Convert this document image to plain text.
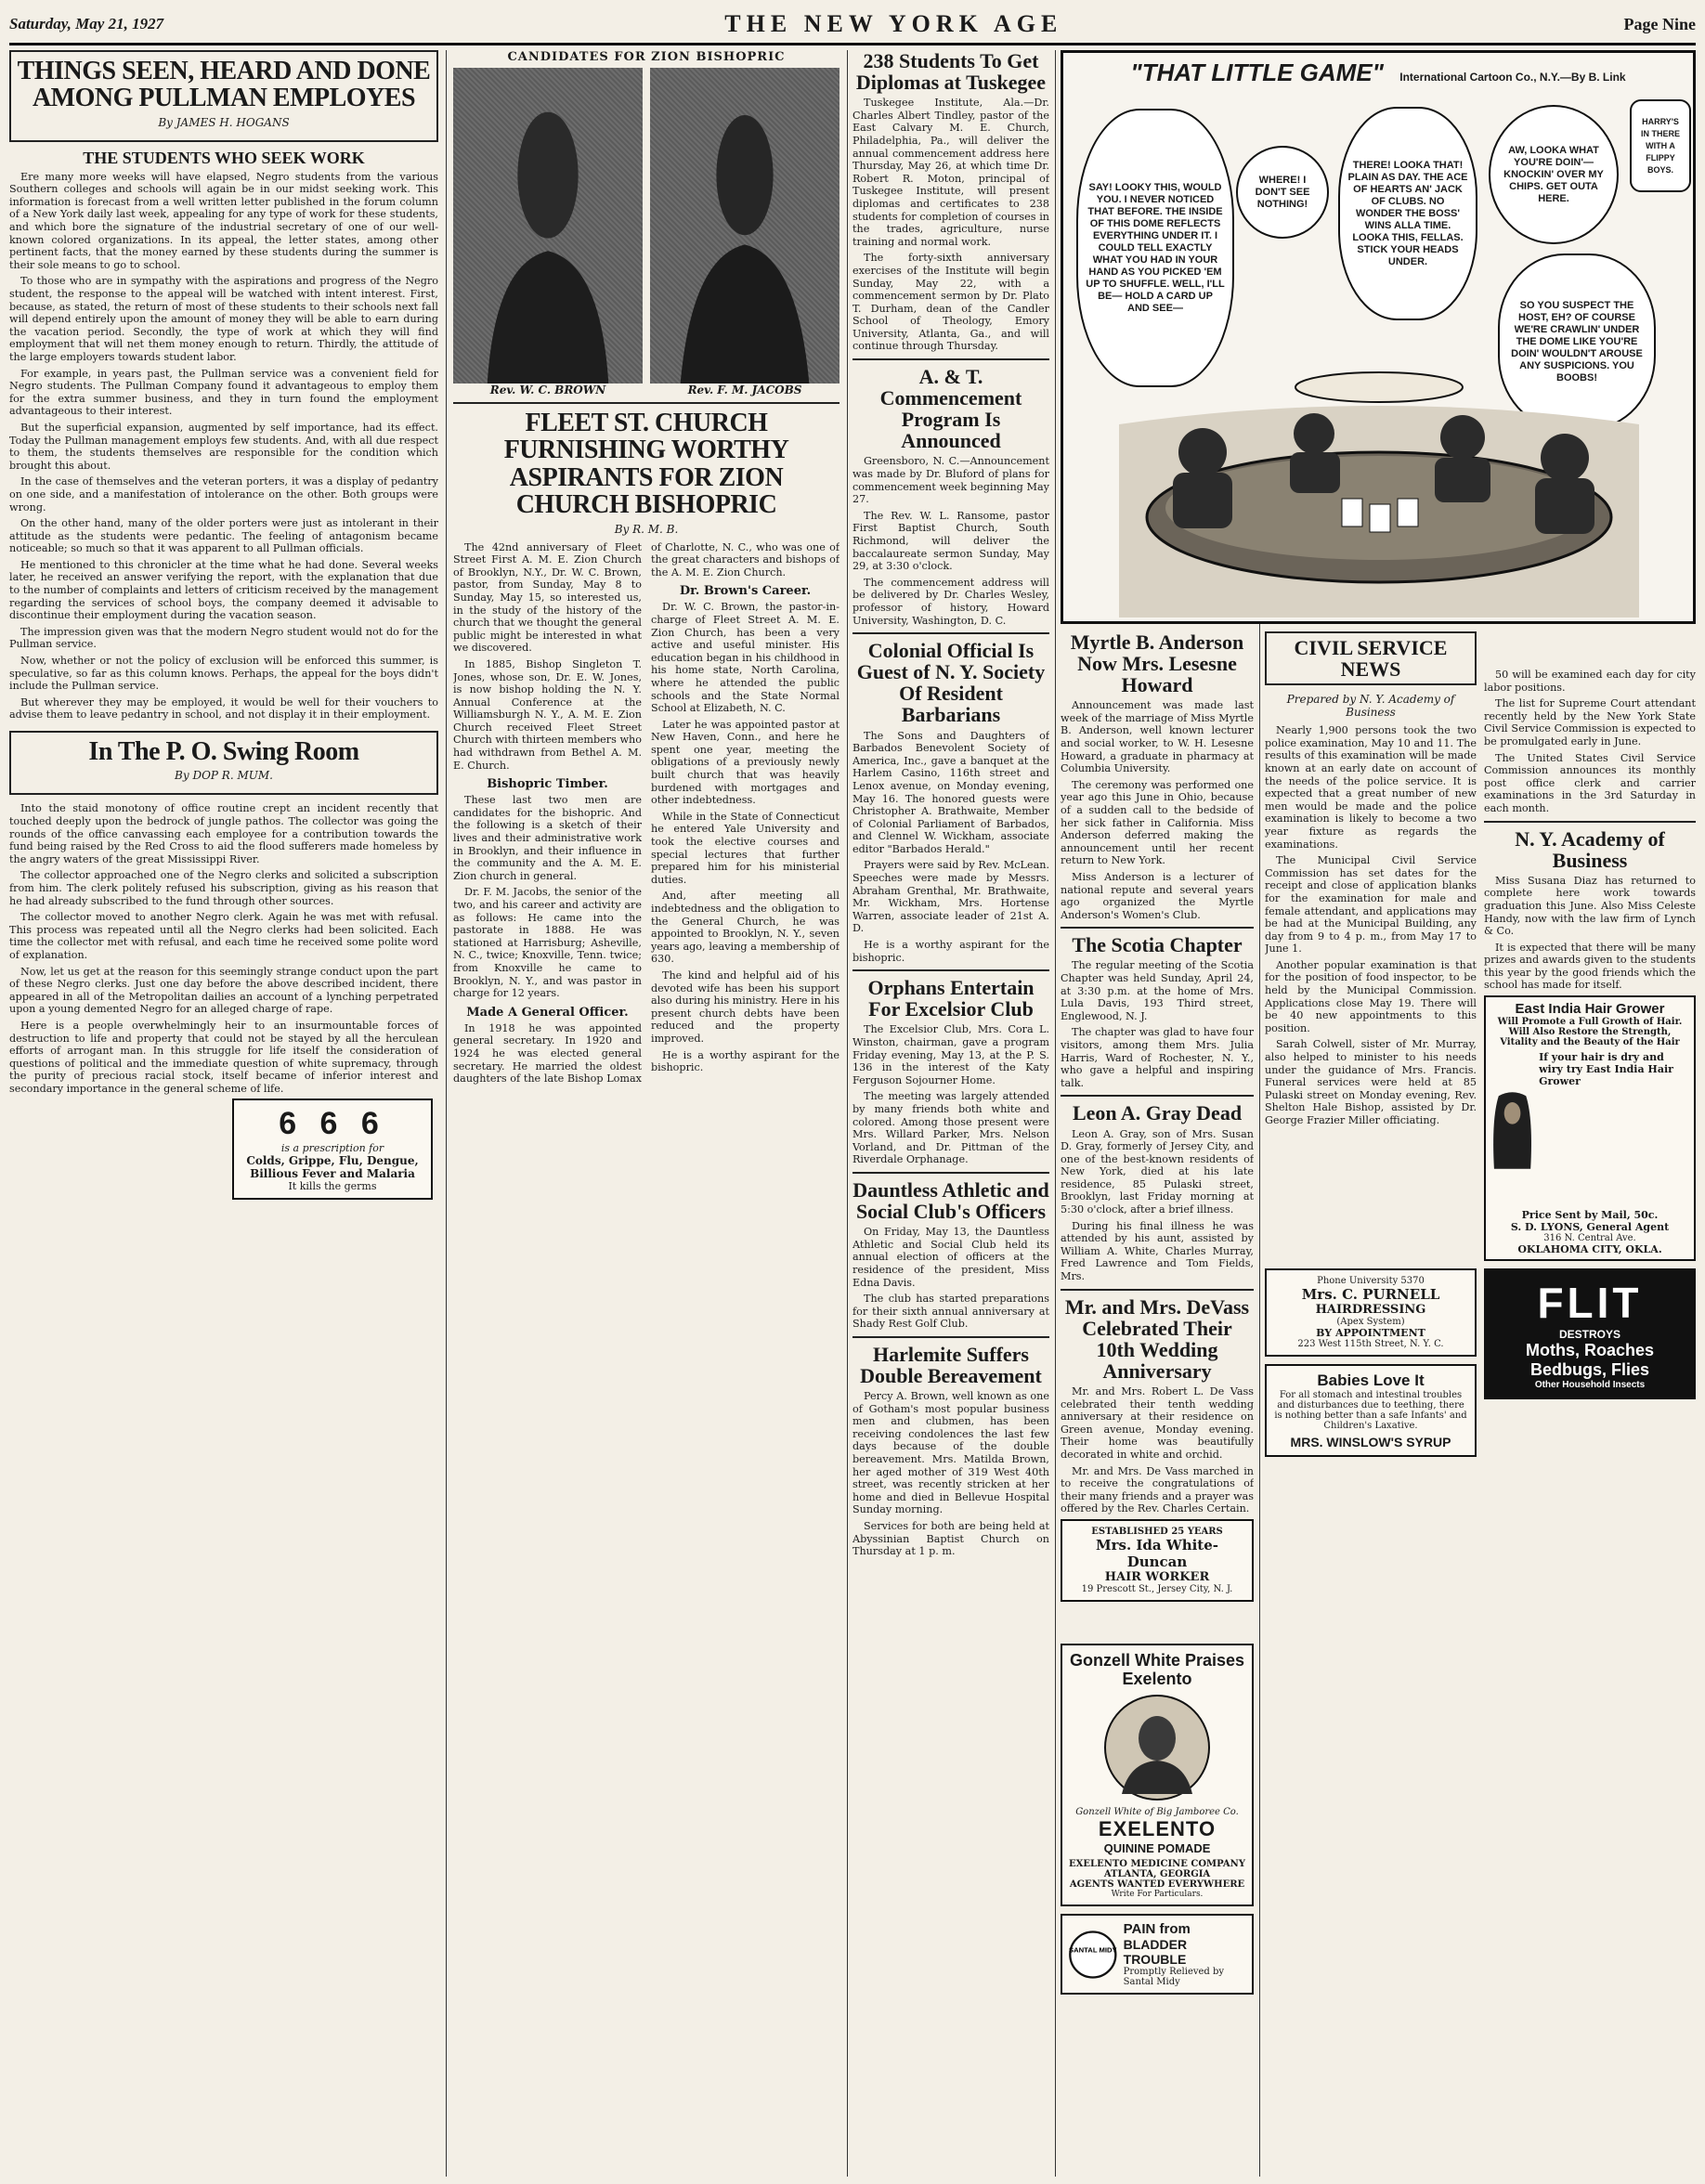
Saturday, May 21, 1927	THE NEW YORK AGE	Page Nine
THINGS SEEN, HEARD AND DONE AMONG PULLMAN EMPLOYES
By JAMES H. HOGANS
THE STUDENTS WHO SEEK WORK

Ere many more weeks will have elapsed, Negro students from the various Southern colleges and schools will again be in our midst seeking work. This information is forecast from a well written letter published in the forum column of a New York daily last week, appealing for any type of work for these students, and which bore the signature of the industrial secretary of one of our well-known colored organizations. In its appeal, the letter states, among other pertinent facts, that the money earned by these students during the summer is their sole means to go to school.

To those who are in sympathy with the aspirations and progress of the Negro student, the response to the appeal will be watched with intent interest. First, because, as stated, the return of most of these students to their schools next fall will depend entirely upon the amount of money they will be able to earn during the vacation period. Secondly, the type of work at which they will find employment that will net them money enough to return. Thirdly, the attitude of the large employers towards student labor.

For example, in years past, the Pullman service was a convenient field for Negro students. The Pullman Company found it advantageous to employ them for the extra summer business, and they in turn found the employment advantageous to their interest.

But the superficial expansion, augmented by self importance, had its effect. Today the Pullman management employs few students. And, with all due respect to them, the students themselves are responsible for the condition which brought this about.

In the case of themselves and the veteran porters, it was a display of pedantry on one side, and a manifestation of intolerance on the other. Both groups were wrong.

On the other hand, many of the older porters were just as intolerant in their attitude as the students were pedantic. The feeling of antagonism became noticeable; so much so that it was apparent to all Pullman officials.

He mentioned to this chronicler at the time what he had done. Several weeks later, he received an answer verifying the report, with the explanation that due to the number of complaints and letters of criticism received by the management regarding the services of school boys, the company deemed it advisable to discontinue their employment during the vacation season.

The impression given was that the modern Negro student would not do for the Pullman service.

Now, whether or not the policy of exclusion will be enforced this summer, is speculative, so far as this column knows. Perhaps, the appeal for the boys didn't include the Pullman service.

But wherever they may be employed, it would be well for their vouchers to advise them to leave pedantry in school, and not display it in their employment.

In The P. O. Swing Room
By DOP R. MUM.

Into the staid monotony of office routine crept an incident recently that touched deeply upon the bedrock of jungle pathos. The collector was going the rounds of the office canvassing each employee for a contribution towards the fund being raised by the Red Cross to aid the flood sufferers made homeless by the angry waters of the great Mississippi River.

The collector approached one of the Negro clerks and solicited a subscription from him. The clerk politely refused his subscription, giving as his reason that he had already subscribed to the fund through other sources.

The collector moved to another Negro clerk. Again he was met with refusal. This process was repeated until all the Negro clerks had been solicited. Each time the collector met with refusal, and each time he received some polite word of explanation.

Now, let us get at the reason for this seemingly strange conduct upon the part of these Negro clerks. Just one day before the above described incident, there appeared in all of the Metropolitan dailies an account of a lynching perpetrated upon a young demented Negro for an alleged charge of rape.

Here is a people overwhelmingly heir to an insurmountable forces of destruction to life and property that could not be stayed by all the herculean efforts of arrogant man. In this struggle for life itself the consideration of questions of political and the immediate question of white supremacy, through the purity of precious racial stock, itself became of inferior interest and secondary importance in the general scheme of life.

6 6 6
is a prescription for
Colds, Grippe, Flu, Dengue, Billious Fever and Malaria
It kills the germs
CANDIDATES FOR ZION BISHOPRIC
Rev. W. C. BROWN	Rev. F. M. JACOBS
FLEET ST. CHURCH FURNISHING WORTHY ASPIRANTS FOR ZION CHURCH BISHOPRIC
By R. M. B.

The 42nd anniversary of Fleet Street First A. M. E. Zion Church of Brooklyn, N.Y., Dr. W. C. Brown, pastor, from Sunday, May 8 to Sunday, May 15, so interested us, in the study of the history of the church that we thought the general public might be interested in what we discovered.

In 1885, Bishop Singleton T. Jones, whose son, Dr. E. W. Jones, is now bishop holding the N. Y. Annual Conference at the Williamsburgh N. Y., A. M. E. Zion Church received Fleet Street Church with thirteen members who had withdrawn from Bethel A. M. E. Church.

Bishopric Timber.

These last two men are candidates for the bishopric. And the following is a sketch of their lives and their administrative work in Brooklyn, and their influence in the community and the A. M. E. Zion church in general.

Dr. F. M. Jacobs, the senior of the two, and his career and activity are as follows: He came into the pastorate in 1888. He was stationed at Harrisburg; Asheville, N. C., twice; Knoxville, Tenn. twice; from Knoxville he came to Brooklyn, N. Y., and was pastor in charge for 12 years.

Made A General Officer.

In 1918 he was appointed general secretary. In 1920 and 1924 he was elected general secretary. He married the oldest daughters of the late Bishop Lomax of Charlotte, N. C., who was one of the great characters and bishops of the A. M. E. Zion Church.

Dr. Brown's Career.

Dr. W. C. Brown, the pastor-in-charge of Fleet Street A. M. E. Zion Church, has been a very active and useful minister. His education began in his childhood in his home state, North Carolina, where he attended the public schools and the State Normal School at Elizabeth, N. C.

Later he was appointed pastor at New Haven, Conn., and here he spent one year, meeting the obligations of a previously newly built church that was heavily burdened with mortgages and other indebtedness.

While in the State of Connecticut he entered Yale University and took the elective courses and special lectures that further prepared him for his ministerial duties.

And, after meeting all indebtedness and the obligation to the General Church, he was appointed to Brooklyn, N. Y., seven years ago, leaving a membership of 630.

The kind and helpful aid of his devoted wife has been his support also during his ministry. Here in his present church debts have been reduced and the property improved.

He is a worthy aspirant for the bishopric.

238 Students To Get Diplomas at Tuskegee

Tuskegee Institute, Ala.—Dr. Charles Albert Tindley, pastor of the East Calvary M. E. Church, Philadelphia, Pa., will deliver the annual commencement address here Thursday, May 26, at which time Dr. Robert R. Moton, principal of Tuskegee Institute, will present diplomas and certificates to 238 students for completion of courses in the trades, agriculture, nurse training and normal work.

The forty-sixth anniversary exercises of the Institute will begin Sunday, May 22, with a commencement sermon by Dr. Plato T. Durham, dean of the Candler School of Theology, Emory University, Atlanta, Ga., and will continue through Thursday.

A. & T. Commencement Program Is Announced

Greensboro, N. C.—Announcement was made by Dr. Bluford of plans for commencement week beginning May 27.

The Rev. W. L. Ransome, pastor First Baptist Church, South Richmond, will deliver the baccalaureate sermon Sunday, May 29, at 3:30 o'clock.

The commencement address will be delivered by Dr. Charles Wesley, professor of history, Howard University, Washington, D. C.

Colonial Official Is Guest of N. Y. Society Of Resident Barbarians

The Sons and Daughters of Barbados Benevolent Society of America, Inc., gave a banquet at the Harlem Casino, 116th street and Lenox avenue, on Monday evening, May 16. The honored guests were Christopher A. Brathwaite, Member of Colonial Parliament of Barbados, and Clennel W. Wickham, associate editor "Barbados Herald."

Prayers were said by Rev. McLean. Speeches were made by Messrs. Abraham Grenthal, Mr. Brathwaite, Mr. Wickham, Mrs. Hortense Warren, associate leader of 21st A. D.

He is a worthy aspirant for the bishopric.

Orphans Entertain For Excelsior Club

The Excelsior Club, Mrs. Cora L. Winston, chairman, gave a program Friday evening, May 13, at the P. S. 136 in the interest of the Katy Ferguson Sojourner Home.

The meeting was largely attended by many friends both white and colored. Among those present were Mrs. Willard Parker, Mrs. Nelson Vorland, and Dr. Pittman of the Riverdale Orphanage.

Dauntless Athletic and Social Club's Officers

On Friday, May 13, the Dauntless Athletic and Social Club held its annual election of officers at the residence of the president, Miss Edna Davis.

The club has started preparations for their sixth annual anniversary at Shady Rest Golf Club.

Harlemite Suffers Double Bereavement

Percy A. Brown, well known as one of Gotham's most popular business men and clubmen, has been receiving condolences the last few days because of the double bereavement. Mrs. Matilda Brown, her aged mother of 319 West 40th street, was recently stricken at her home and died in Bellevue Hospital Sunday morning.

Services for both are being held at Abyssinian Baptist Church on Thursday at 1 p. m.

"THAT LITTLE GAME" International Cartoon Co., N.Y.—By B. Link
SAY! LOOKY THIS, WOULD YOU. I NEVER NOTICED THAT BEFORE. THE INSIDE OF THIS DOME REFLECTS EVERYTHING UNDER IT. I COULD TELL EXACTLY WHAT YOU HAD IN YOUR HAND AS YOU PICKED 'EM UP TO SHUFFLE. WELL, I'LL BE— HOLD A CARD UP AND SEE—
WHERE! I DON'T SEE NOTHING!
THERE! LOOKA THAT! PLAIN AS DAY. THE ACE OF HEARTS AN' JACK OF CLUBS. NO WONDER THE BOSS' WINS ALLA TIME. LOOKA THIS, FELLAS. STICK YOUR HEADS UNDER.
AW, LOOKA WHAT YOU'RE DOIN'— KNOCKIN' OVER MY CHIPS. GET OUTA HERE.
SO YOU SUSPECT THE HOST, EH? OF COURSE WE'RE CRAWLIN' UNDER THE DOME LIKE YOU'RE DOIN' WOULDN'T AROUSE ANY SUSPICIONS. YOU BOOBS!
HARRY'S IN THERE WITH A FLIPPY BOYS.
Myrtle B. Anderson Now Mrs. Lesesne Howard

Announcement was made last week of the marriage of Miss Myrtle B. Anderson, well known lecturer and social worker, to W. H. Lesesne Howard, a graduate in pharmacy at Columbia University.

The ceremony was performed one year ago this June in Ohio, because of a sudden call to the bedside of her sick father in California. Miss Anderson deferred making the announcement until her recent return to New York.

Miss Anderson is a lecturer of national repute and several years ago organized the Myrtle Anderson's Women's Club.

The Scotia Chapter

The regular meeting of the Scotia Chapter was held Sunday, April 24, at 3:30 p.m. at the home of Mrs. Lula Davis, 193 Third street, Englewood, N. J.

The chapter was glad to have four visitors, among them Mrs. Julia Harris, Ward of Rochester, N. Y., who gave a helpful and inspiring talk.

Leon A. Gray Dead

Leon A. Gray, son of Mrs. Susan D. Gray, formerly of Jersey City, and one of the best-known residents of New York, died at his late residence, 85 Pulaski street, Brooklyn, last Friday morning at 5:30 o'clock, after a brief illness.

During his final illness he was attended by his aunt, assisted by William A. White, Charles Murray, Fred Lawrence and Tom Fields, Mrs.

Mr. and Mrs. DeVass Celebrated Their 10th Wedding Anniversary

Mr. and Mrs. Robert L. De Vass celebrated their tenth wedding anniversary at their residence on Green avenue, Monday evening. Their home was beautifully decorated in white and orchid.

Mr. and Mrs. De Vass marched in to receive the congratulations of their many friends and a prayer was offered by the Rev. Charles Certain.

ESTABLISHED 25 YEARS
Mrs. Ida White-Duncan
HAIR WORKER
19 Prescott St., Jersey City, N. J.
CIVIL SERVICE NEWS
Prepared by N. Y. Academy of Business

Nearly 1,900 persons took the two police examination, May 10 and 11. The results of this examination will be made known at an early date on account of the needs of the police service. It is expected that a great number of new men would be made and the police examination is likely to become a two year fixture as regards the examinations.

The Municipal Civil Service Commission has set dates for the receipt and close of application blanks for the examination for male and female attendant, and applications may be had at the Municipal Building, any day from 9 to 4 p. m., from May 17 to June 1.

Another popular examination is that for the position of food inspector, to be held by the Municipal Commission. Applications close May 19. There will be 40 new appointments to this position.

Sarah Colwell, sister of Mr. Murray, also helped to minister to his needs under the guidance of Mrs. Francis. Funeral services were held at 85 Pulaski street on Monday evening, Rev. Shelton Hale Bishop, assisted by Dr. George Frazier Miller officiating.

50 will be examined each day for city labor positions.

The list for Supreme Court attendant recently held by the New York State Civil Service Commission is expected to be promulgated early in June.

The United States Civil Service Commission announces its monthly post office clerk and carrier examinations in the 3rd Saturday in each month.

N. Y. Academy of Business

Miss Susana Diaz has returned to complete here work towards graduation this June. Also Miss Celeste Handy, now with the law firm of Lynch & Co.

It is expected that there will be many prizes and awards given to the students this year by the good friends which the school has made for itself.

East India Hair Grower
Will Promote a Full Growth of Hair. Will Also Restore the Strength, Vitality and the Beauty of the Hair
If your hair is dry and wiry try East India Hair Grower
Price Sent by Mail, 50c.
S. D. LYONS, General Agent
316 N. Central Ave.
OKLAHOMA CITY, OKLA.
Phone University 5370
Mrs. C. PURNELL
HAIRDRESSING
(Apex System)
BY APPOINTMENT
223 West 115th Street, N. Y. C.
Babies Love It
For all stomach and intestinal troubles and disturbances due to teething, there is nothing better than a safe Infants' and Children's Laxative.
MRS. WINSLOW'S SYRUP
FLIT
DESTROYS
Moths, Roaches
Bedbugs, Flies
Other Household Insects
Gonzell White Praises Exelento
Gonzell White of Big Jamboree Co.
EXELENTO
QUININE POMADE
EXELENTO MEDICINE COMPANY
ATLANTA, GEORGIA
AGENTS WANTED EVERYWHERE
Write For Particulars.
SANTAL MIDY
PAIN from
BLADDER TROUBLE
Promptly Relieved by Santal Midy
